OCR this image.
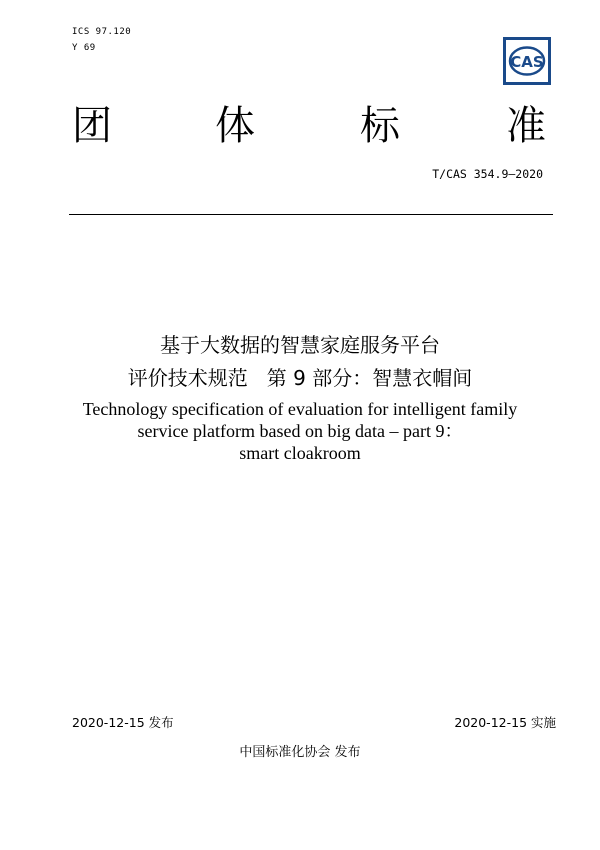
ICS 97.120
Y 69
CAS
团	体	标	准
T/CAS 354.9—2020
基于大数据的智慧家庭服务平台
评价技术规范   第 9 部分：智慧衣帽间
Technology specification of evaluation for intelligent family
service platform based on big data – part 9：
smart cloakroom
2020-12-15 发布	2020-12-15 实施
中国标准化协会 发布
